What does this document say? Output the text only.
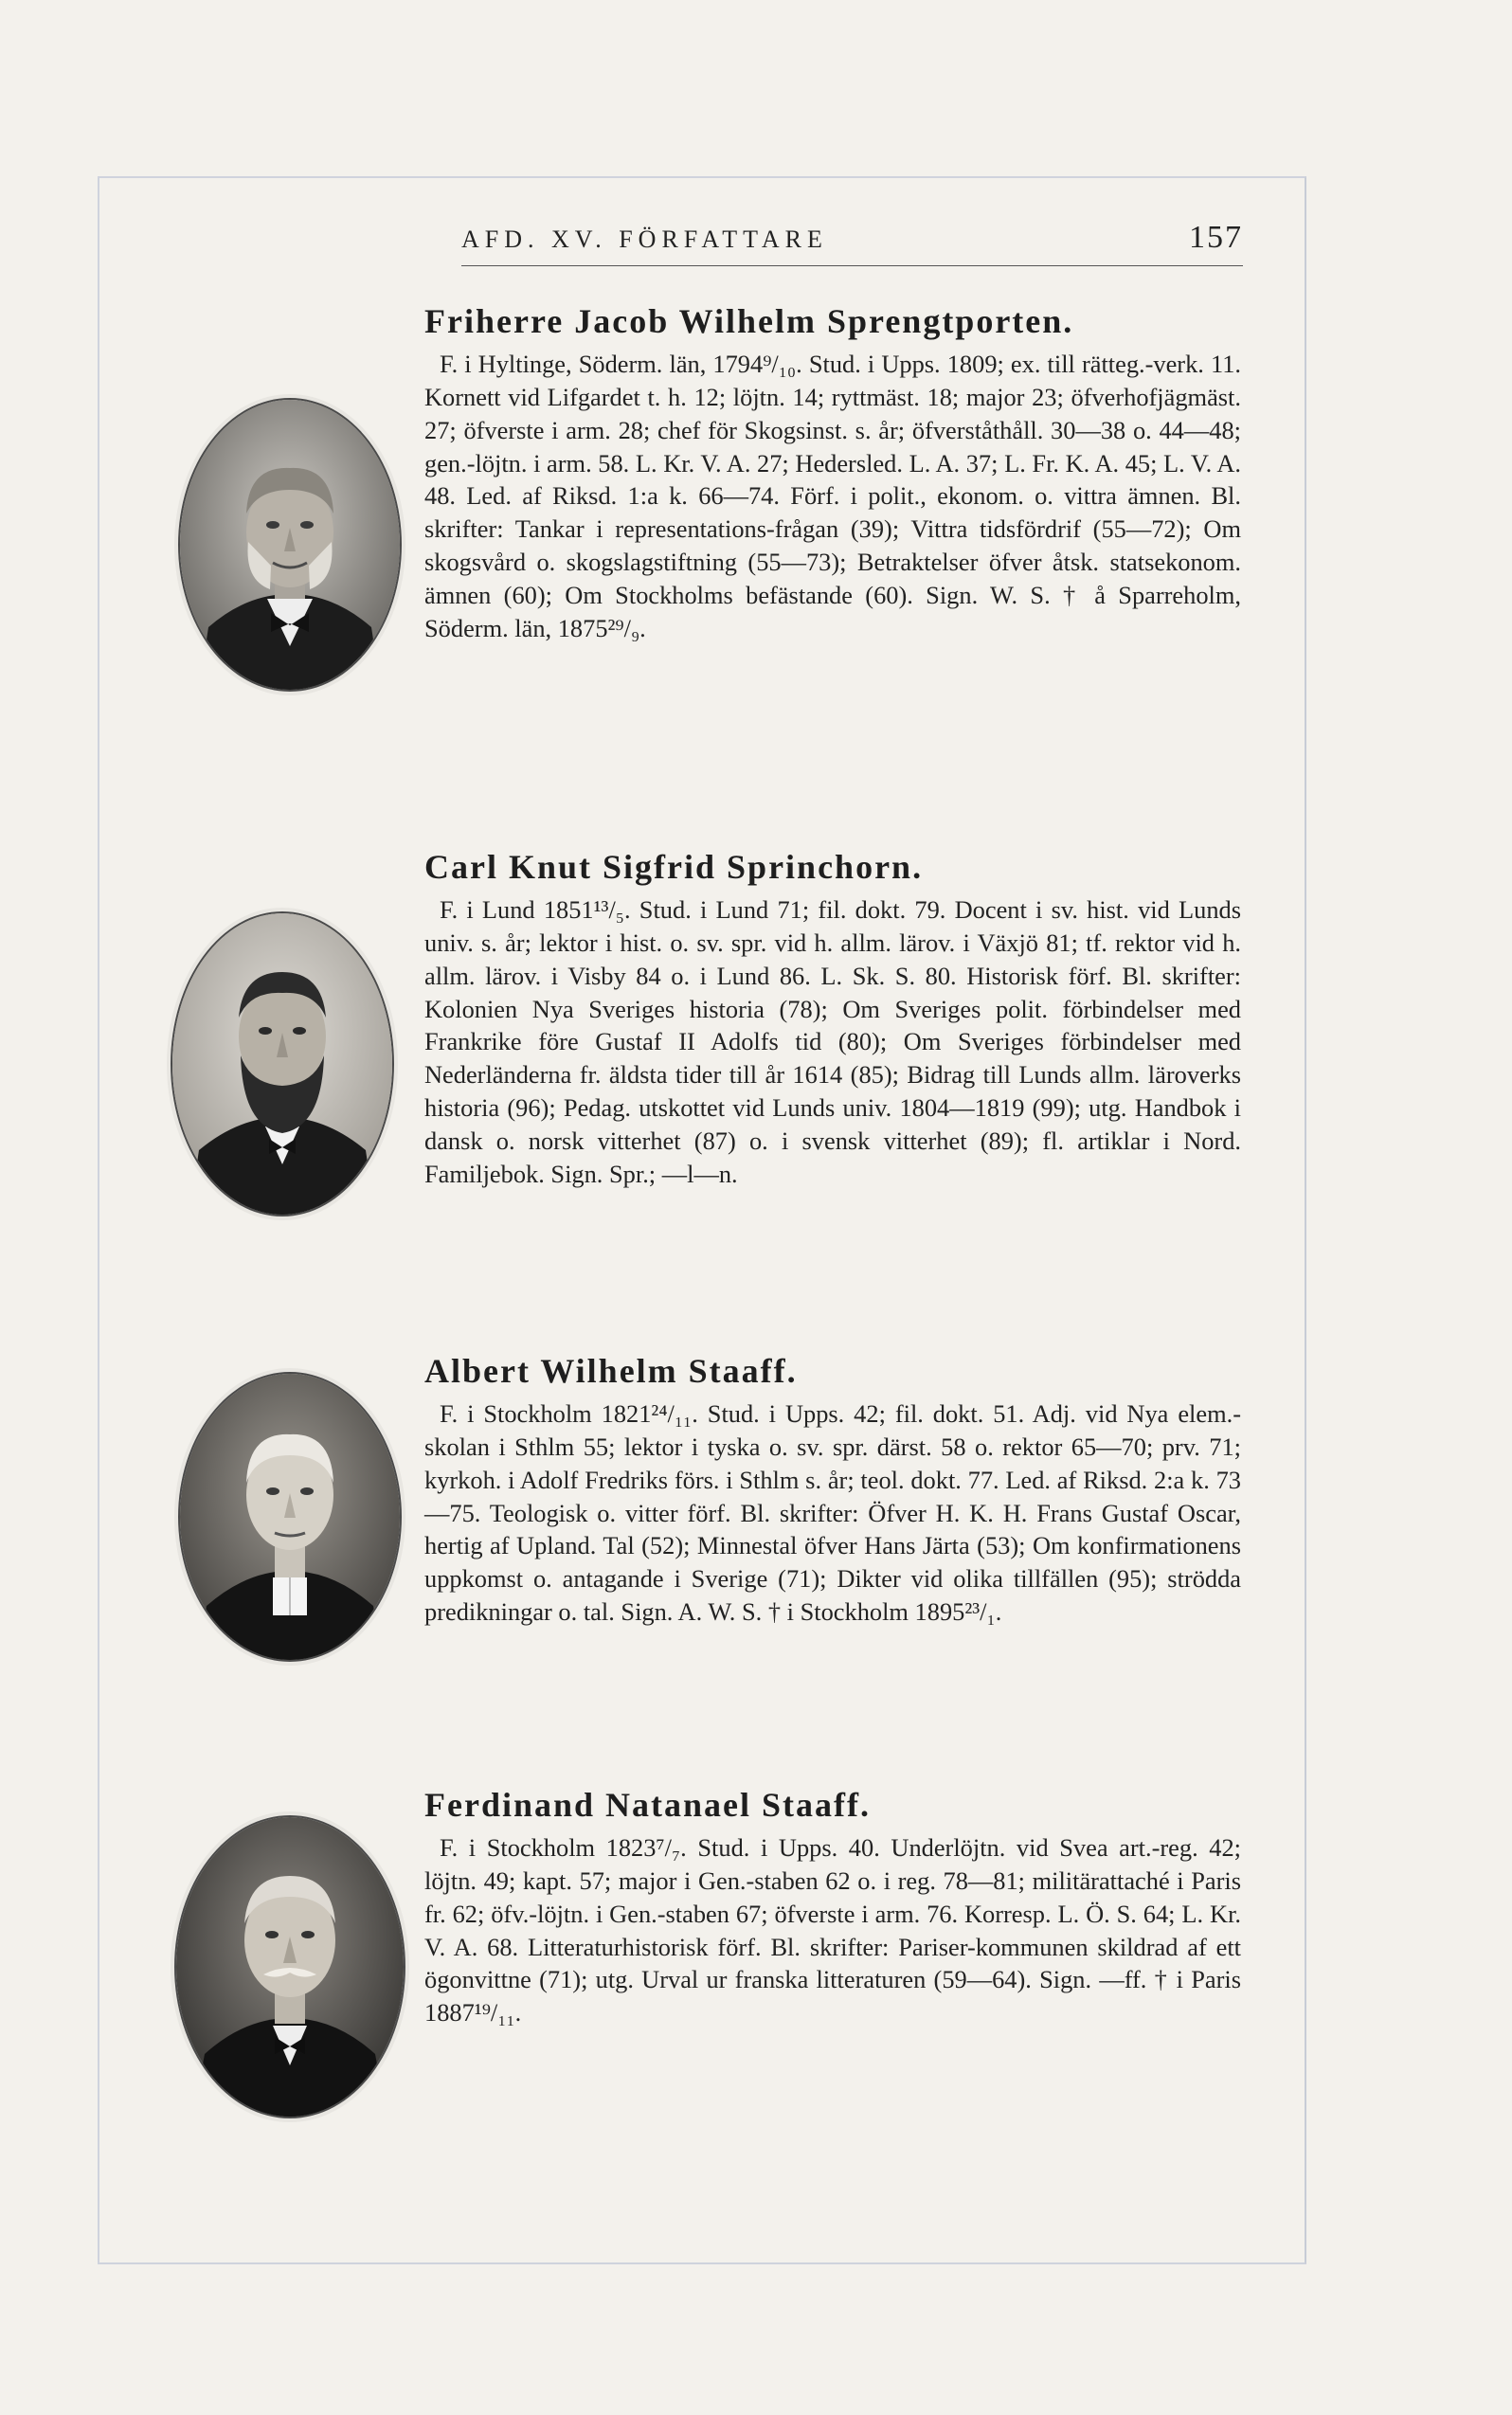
AFD. XV. FÖRFATTARE	157
Friherre Jacob Wilhelm Sprengtporten.

F. i Hyltinge, Söderm. län, 1794⁹/₁₀. Stud. i Upps. 1809; ex. till rätteg.-verk. 11. Kornett vid Lifgardet t. h. 12; löjtn. 14; ryttmäst. 18; major 23; öfverhofjägmäst. 27; öfverste i arm. 28; chef för Skogsinst. s. år; öfverståthåll. 30—38 o. 44—48; gen.-löjtn. i arm. 58. L. Kr. V. A. 27; Hedersled. L. A. 37; L. Fr. K. A. 45; L. V. A. 48. Led. af Riksd. 1:a k. 66—74. Förf. i polit., ekonom. o. vittra ämnen. Bl. skrifter: Tankar i representations-frågan (39); Vittra tidsfördrif (55—72); Om skogsvård o. skogslagstiftning (55—73); Betraktelser öfver åtsk. statsekonom. ämnen (60); Om Stockholms befästande (60). Sign. W. S. † å Sparreholm, Söderm. län, 1875²⁹/₉.

Carl Knut Sigfrid Sprinchorn.

F. i Lund 1851¹³/₅. Stud. i Lund 71; fil. dokt. 79. Docent i sv. hist. vid Lunds univ. s. år; lektor i hist. o. sv. spr. vid h. allm. lärov. i Växjö 81; tf. rektor vid h. allm. lärov. i Visby 84 o. i Lund 86. L. Sk. S. 80. Historisk förf. Bl. skrifter: Kolonien Nya Sveriges historia (78); Om Sveriges polit. förbindelser med Frankrike före Gustaf II Adolfs tid (80); Om Sveriges förbindelser med Nederländerna fr. äldsta tider till år 1614 (85); Bidrag till Lunds allm. läroverks historia (96); Pedag. utskottet vid Lunds univ. 1804—1819 (99); utg. Handbok i dansk o. norsk vitterhet (87) o. i svensk vitterhet (89); fl. artiklar i Nord. Familjebok. Sign. Spr.; —l—n.

Albert Wilhelm Staaff.

F. i Stockholm 1821²⁴/₁₁. Stud. i Upps. 42; fil. dokt. 51. Adj. vid Nya elem.-skolan i Sthlm 55; lektor i tyska o. sv. spr. därst. 58 o. rektor 65—70; prv. 71; kyrkoh. i Adolf Fredriks förs. i Sthlm s. år; teol. dokt. 77. Led. af Riksd. 2:a k. 73—75. Teologisk o. vitter förf. Bl. skrifter: Öfver H. K. H. Frans Gustaf Oscar, hertig af Upland. Tal (52); Minnestal öfver Hans Järta (53); Om konfirmationens uppkomst o. antagande i Sverige (71); Dikter vid olika tillfällen (95); strödda predikningar o. tal. Sign. A. W. S. † i Stockholm 1895²³/₁.

Ferdinand Natanael Staaff.

F. i Stockholm 1823⁷/₇. Stud. i Upps. 40. Underlöjtn. vid Svea art.-reg. 42; löjtn. 49; kapt. 57; major i Gen.-staben 62 o. i reg. 78—81; militärattaché i Paris fr. 62; öfv.-löjtn. i Gen.-staben 67; öfverste i arm. 76. Korresp. L. Ö. S. 64; L. Kr. V. A. 68. Litteraturhistorisk förf. Bl. skrifter: Pariser-kommunen skildrad af ett ögonvittne (71); utg. Urval ur franska litteraturen (59—64). Sign. —ff. † i Paris 1887¹⁹/₁₁.
